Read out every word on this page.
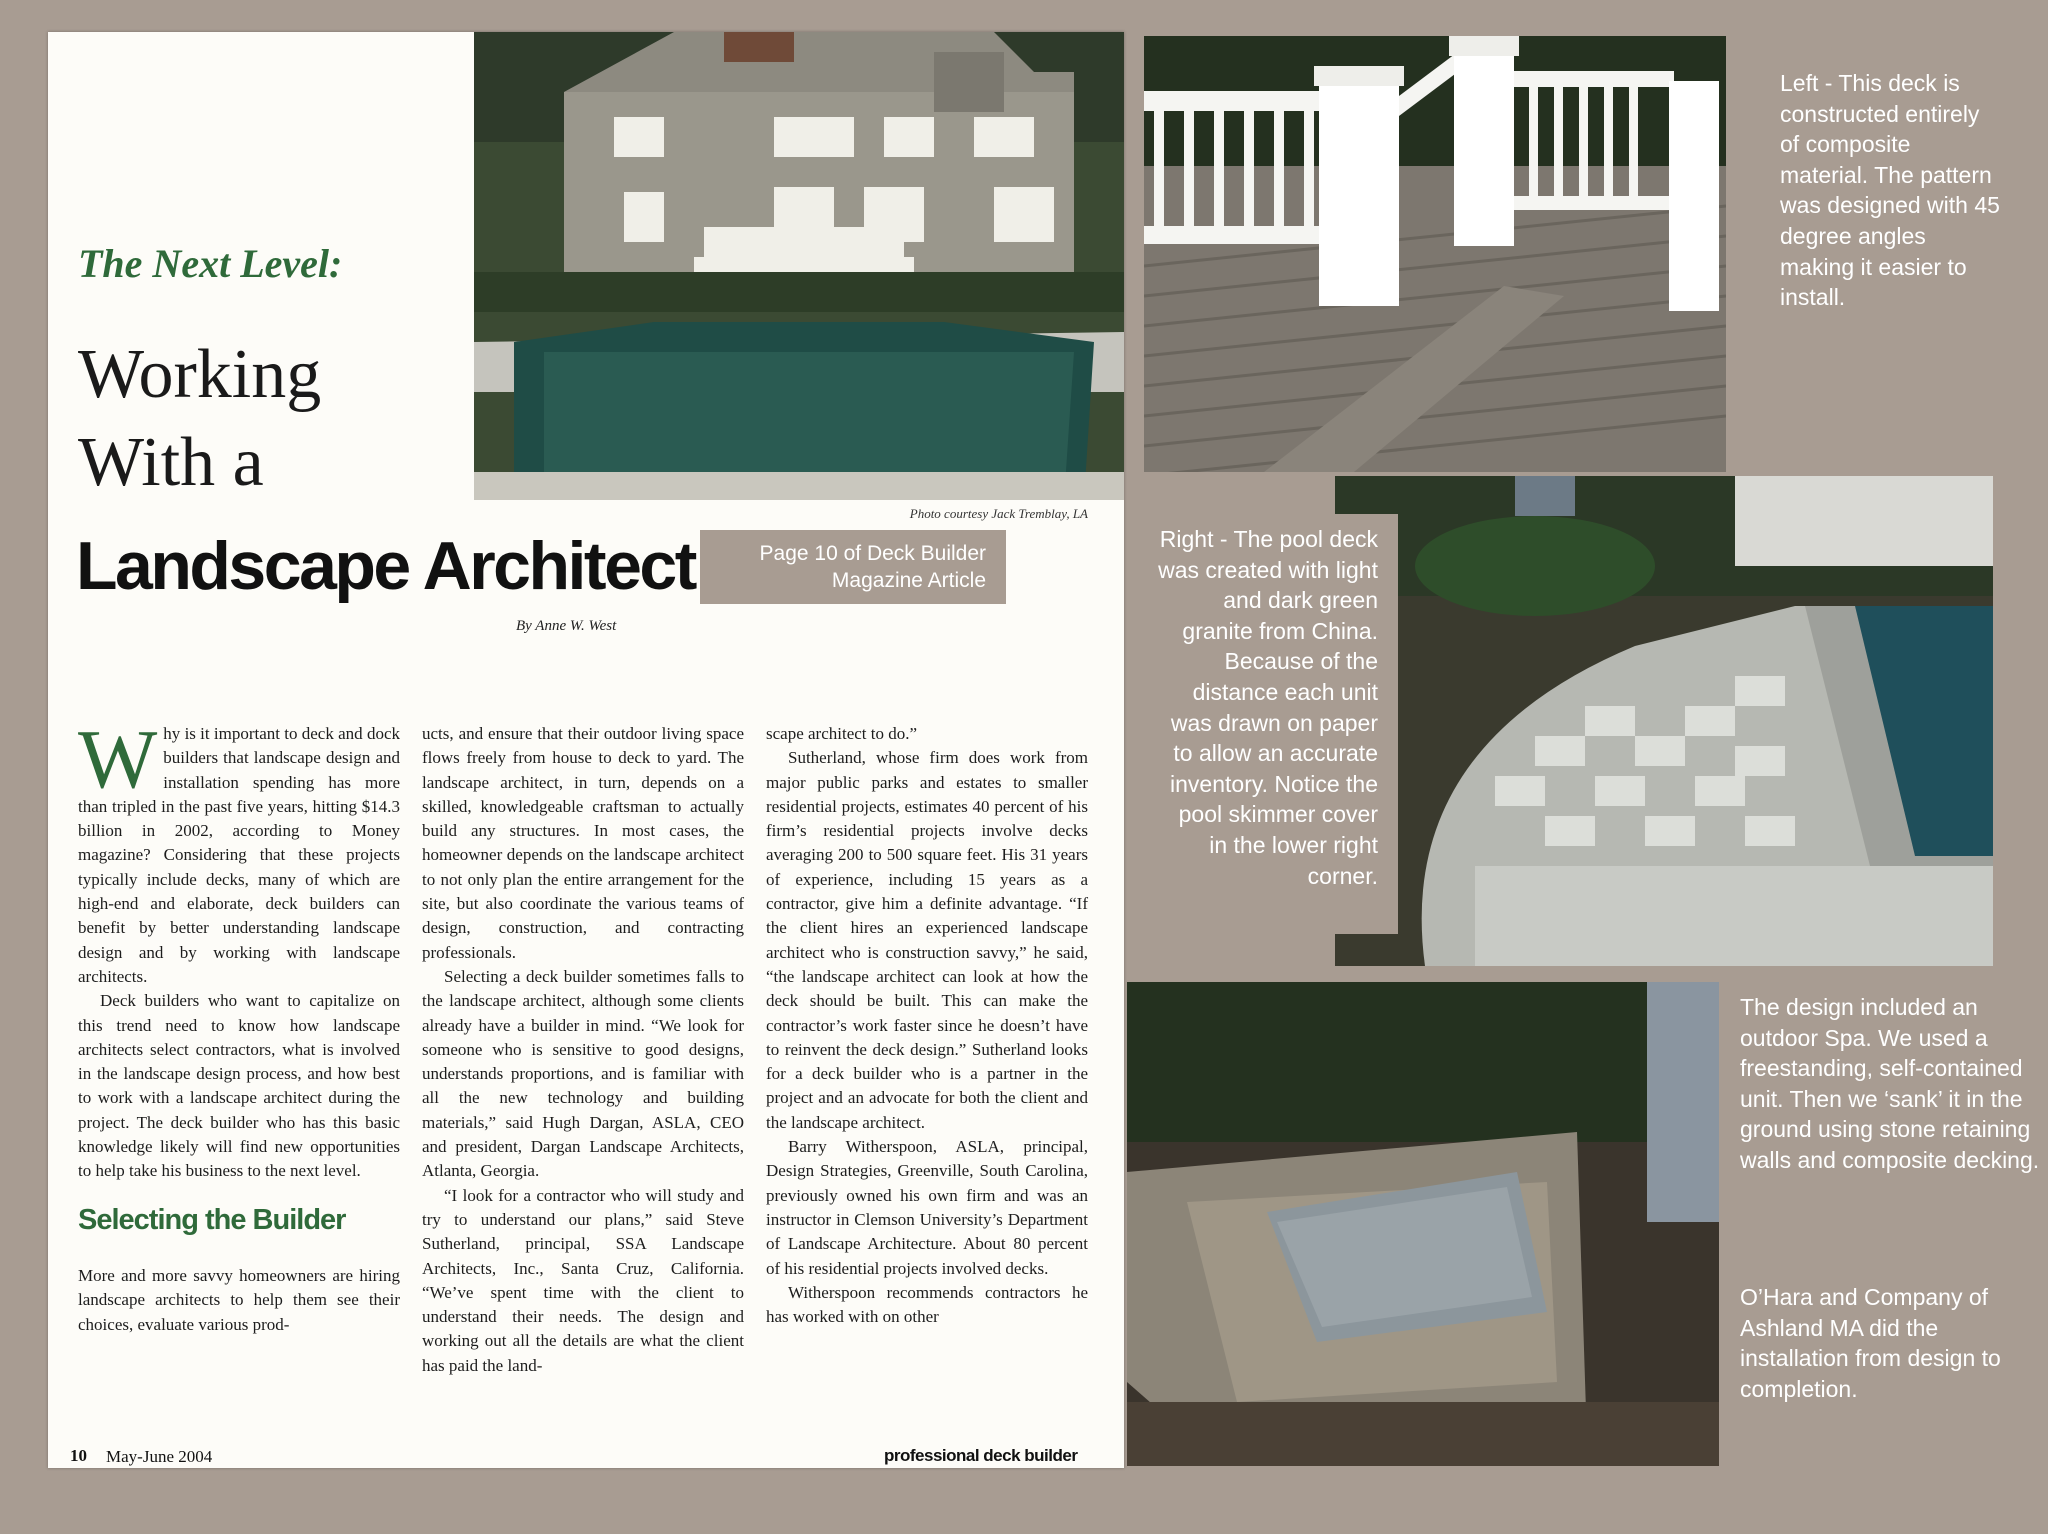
Photo courtesy Jack Tremblay, LA
The Next Level:
Working
With a
Landscape Architect
By Anne W. West

Why is it important to deck and dock builders that landscape design and installation spending has more than tripled in the past five years, hitting $14.3 billion in 2002, according to Money magazine? Considering that these projects typically include decks, many of which are high-end and elaborate, deck builders can benefit by better understanding landscape design and by working with landscape architects.

Deck builders who want to capitalize on this trend need to know how landscape architects select contractors, what is involved in the landscape design process, and how best to work with a landscape architect during the project. The deck builder who has this basic knowledge likely will find new opportunities to help take his business to the next level.

Selecting the Builder

More and more savvy homeowners are hiring landscape architects to help them see their choices, evaluate various prod-

ucts, and ensure that their outdoor living space flows freely from house to deck to yard. The landscape architect, in turn, depends on a skilled, knowledgeable craftsman to actually build any structures. In most cases, the homeowner depends on the landscape architect to not only plan the entire arrangement for the site, but also coordinate the various teams of design, construction, and contracting professionals.

Selecting a deck builder sometimes falls to the landscape architect, although some clients already have a builder in mind. “We look for someone who is sensitive to good designs, understands proportions, and is familiar with all the new technology and building materials,” said Hugh Dargan, ASLA, CEO and president, Dargan Landscape Architects, Atlanta, Georgia.

“I look for a contractor who will study and try to understand our plans,” said Steve Sutherland, principal, SSA Landscape Architects, Inc., Santa Cruz, California. “We’ve spent time with the client to understand their needs. The design and working out all the details are what the client has paid the land-

scape architect to do.”

Sutherland, whose firm does work from major public parks and estates to smaller residential projects, estimates 40 percent of his firm’s residential projects involve decks averaging 200 to 500 square feet. His 31 years of experience, including 15 years as a contractor, give him a definite advantage. “If the client hires an experienced landscape architect who is construction savvy,” he said, “the landscape architect can look at how the deck should be built. This can make the contractor’s work faster since he doesn’t have to reinvent the deck design.” Sutherland looks for a deck builder who is a partner in the project and an advocate for both the client and the landscape architect.

Barry Witherspoon, ASLA, principal, Design Strategies, Greenville, South Carolina, previously owned his own firm and was an instructor in Clemson University’s Department of Landscape Architecture. About 80 percent of his residential projects involved decks.

Witherspoon recommends contractors he has worked with on other

10 May-June 2004	professional deck builder
Page 10 of Deck Builder
Magazine Article
Left - This deck is constructed entirely of composite material. The pattern was designed with 45 degree angles making it easier to install.
Right - The pool deck was created with light and dark green granite from China. Because of the distance each unit was drawn on paper to allow an accurate inventory. Notice the pool skimmer cover in the lower right corner.
The design included an outdoor Spa. We used a freestanding, self-contained unit. Then we ‘sank’ it in the ground using stone retaining walls and composite decking.
O’Hara and Company of Ashland MA did the installation from design to completion.
